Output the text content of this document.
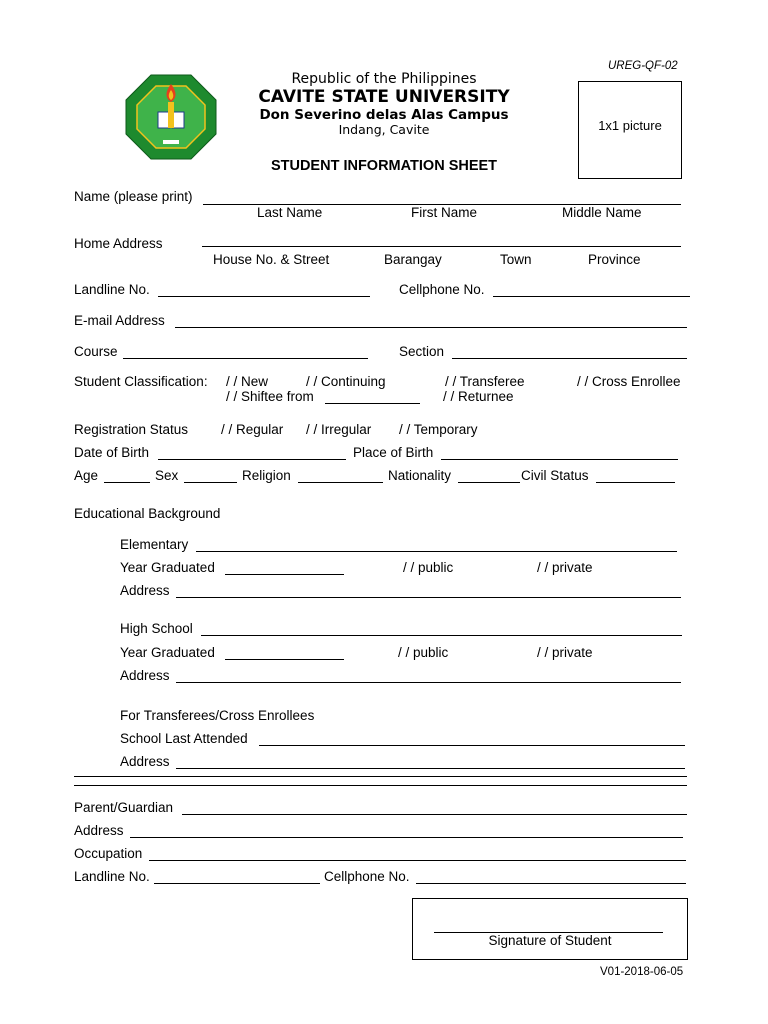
UREG-QF-02
Republic of the Philippines
CAVITE STATE UNIVERSITY
Don Severino delas Alas Campus
Indang, Cavite	1x1 picture
STUDENT INFORMATION SHEET
Name (please print)
Last Name	First Name	Middle Name
Home Address
House No. & Street	Barangay	Town	Province
Landline No.	Cellphone No.
E-mail Address
Course	Section
Student Classification: / / New	/ / Continuing	/ / Transferee	/ / Cross Enrollee
/ / Shiftee from	/ / Returnee
Registration Status / / Regular / / Irregular / / Temporary
Date of Birth	Place of Birth
Age	Sex	Religion	Nationality	Civil Status
Educational Background
Elementary
Year Graduated	/ / public	/ / private
Address
High School
Year Graduated	/ / public	/ / private
Address
For Transferees/Cross Enrollees
School Last Attended
Address
Parent/Guardian
Address
Occupation
Landline No.	Cellphone No.
Signature of Student
V01-2018-06-05
